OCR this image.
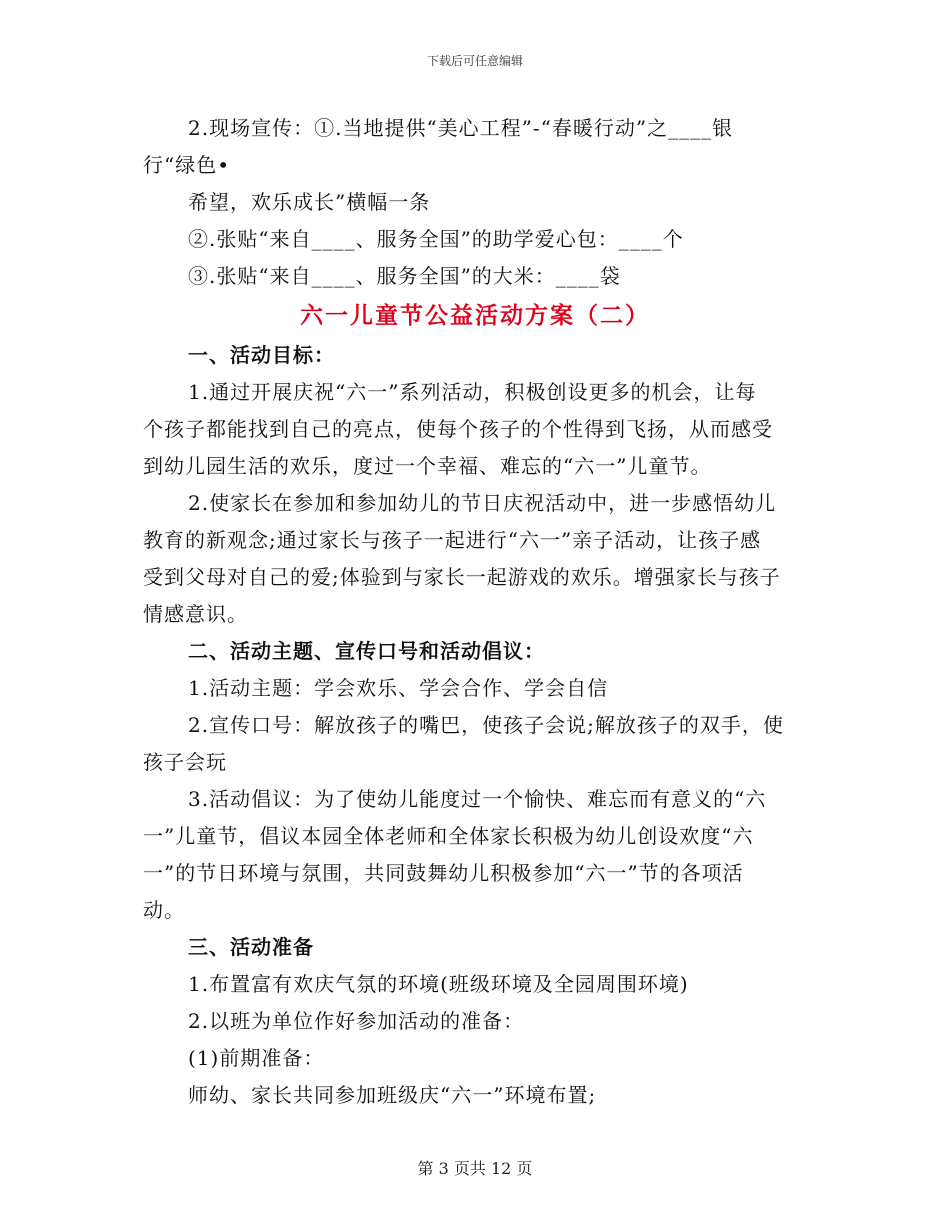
下载后可任意编辑

2.现场宣传：①.当地提供“美心工程”-“春暖行动”之____银

行“绿色•

希望，欢乐成长”横幅一条

②.张贴“来自____、服务全国”的助学爱心包：____个

③.张贴“来自____、服务全国”的大米：____袋

六一儿童节公益活动方案（二）

一、活动目标：

1.通过开展庆祝“六一”系列活动，积极创设更多的机会，让每

个孩子都能找到自己的亮点，使每个孩子的个性得到飞扬，从而感受

到幼儿园生活的欢乐，度过一个幸福、难忘的“六一”儿童节。

2.使家长在参加和参加幼儿的节日庆祝活动中，进一步感悟幼儿

教育的新观念;通过家长与孩子一起进行“六一”亲子活动，让孩子感

受到父母对自己的爱;体验到与家长一起游戏的欢乐。增强家长与孩子

情感意识。

二、活动主题、宣传口号和活动倡议：

1.活动主题：学会欢乐、学会合作、学会自信

2.宣传口号：解放孩子的嘴巴，使孩子会说;解放孩子的双手，使

孩子会玩

3.活动倡议：为了使幼儿能度过一个愉快、难忘而有意义的“六

一”儿童节，倡议本园全体老师和全体家长积极为幼儿创设欢度“六

一”的节日环境与氛围，共同鼓舞幼儿积极参加“六一”节的各项活

动。

三、活动准备

1.布置富有欢庆气氛的环境(班级环境及全园周围环境)

2.以班为单位作好参加活动的准备：

(1)前期准备：

师幼、家长共同参加班级庆“六一”环境布置;

第 3 页共 12 页
